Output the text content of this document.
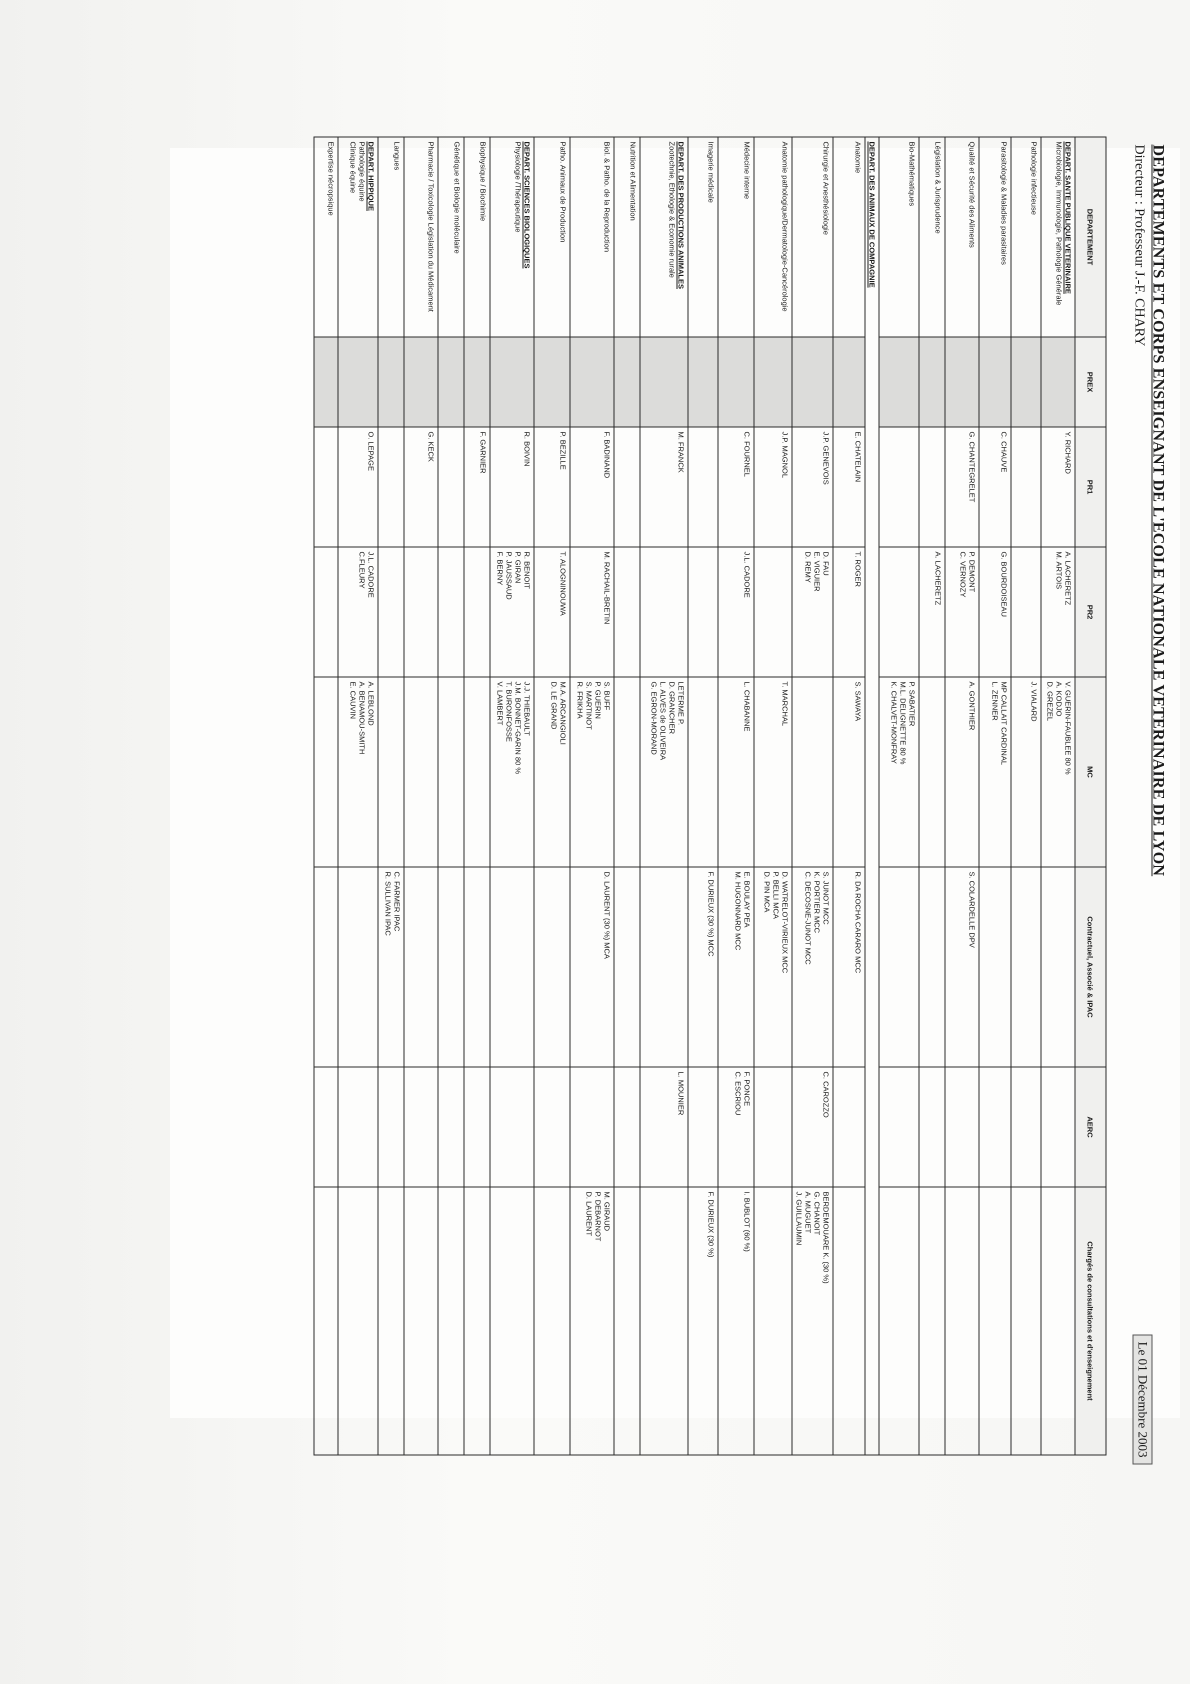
DEPARTEMENTS ET CORPS ENSEIGNANT DE L'ECOLE NATIONALE VETERINAIRE DE LYON
Directeur : Professeur J.-F. CHARY
Le 01 Décembre 2003
DEPARTEMENT	PREX	PR1	PR2	MC	Contractuel, Associé & IPAC	AERC	Chargés de consultations et d'enseignement

DEPART. SANTE PUBLIQUE VETERINAIRE
Microbiologie, Immunologie, Pathologie Générale		Y. RICHARD	A. LACHERETZ
M. ARTOIS	V. GUERIN-FAUBLEE 80 %
A. KODJO
D. GREZEL			

Pathologie infectieuse				J. VIALARD			

Parasitologie & Maladies parasitaires		C. CHAUVE	G. BOURDOISEAU	MP CALLAIT CARDINAL
L. ZENNER			

Qualité et Sécurité des Aliments		G. CHANTEGRELET	P. DEMONT
C. VERNOZY	A. GONTHIER	S. COLARDELLE DPV		

Législation & Jurisprudence			A. LACHERETZ				

Bio-Mathématiques				P. SABATIER
M.L. DELIGNETTE 80 %
K. CHALVET-MONFRAY			

DEPART. DES ANIMAUX DE COMPAGNIE							

Anatomie		E. CHATELAIN	T. ROGER	S. SAWAYA	R. DA ROCHA CARARO MCC		

Chirurgie et Anesthésiologie		J.P. GENEVOIS	D. FAU
E. VIGUIER
D. REMY		S. JUNOT MCC
K. PORTIER MCC
C. DECOSNE-JUNOT MCC	C. CAROZZO	BERDEMOUARE K. (30 %)
G. CHANOIT
A. MUGUET
J. GUILLAUMIN

Anatomie pathologique/Dermatologie-Cancérologie		J.P. MAGNOL		T. MARCHAL	D. WATRELOT-VIRIEUX MCC
P. BELLI MCA
D. PIN MCA		

Médecine interne		C. FOURNEL	J.L. CADORE	L. CHABANNE	E. BOULAY PEA
M. HUGONNARD MCC	F. PONCE
C. ESCRIOU	I. BUBLOT (60 %)

Imagerie médicale					F. DURIEUX (30 %) MCC		F. DURIEUX (30 %)

DEPART. DES PRODUCTIONS ANIMALES
Zootechnie, Ethologie & Economie rurale		M. FRANCK		LETERME P.
D. GRANCHER
L. ALVES de OLIVEIRA
G. EGRON-MORAND		L. MOUNIER	

Nutrition et Alimentation							

Biol. & Patho. de la Reproduction		F. BADINAND	M. RACHAIL-BRETIN	S. BUFF
P. GUERIN
S. MARTINOT
R. FRIKHA	D. LAURENT (30 %) MCA		M. GIRAUD
P. DEBARNOT
D. LAURENT

Patho. Animaux de Production		P. BEZILLE	T. ALOGNINOUWA	M.A. ARCANGIOLI
D. LE GRAND			

DEPART. SCIENCES BIOLOGIQUES
Physiologie /Thérapeutique		R. BOIVIN	R. BENOIT
P. GIRAN
P. JAUSSAUD
F. BERNY	J.J. THIEBAULT
J.M. BONNET-GARIN 80 %
T. BURONFOSSE
V. LAMBERT			

Biophysique / Biochimie		F. GARNIER					

Génétique et Biologie moléculaire							

Pharmacie / Toxicologie Législation du Médicament		G. KECK					

Langues					C. FARMER IPAC
R. SULLIVAN IPAC		

DEPART. HIPPIQUE
Pathologie équine
Clinique équine		O. LEPAGE	J.L. CADORE
C.FLEURY	A. LEBLOND
A. BENAMOU-SMITH
E. CAUVIN			

Expertise nécropsique							
